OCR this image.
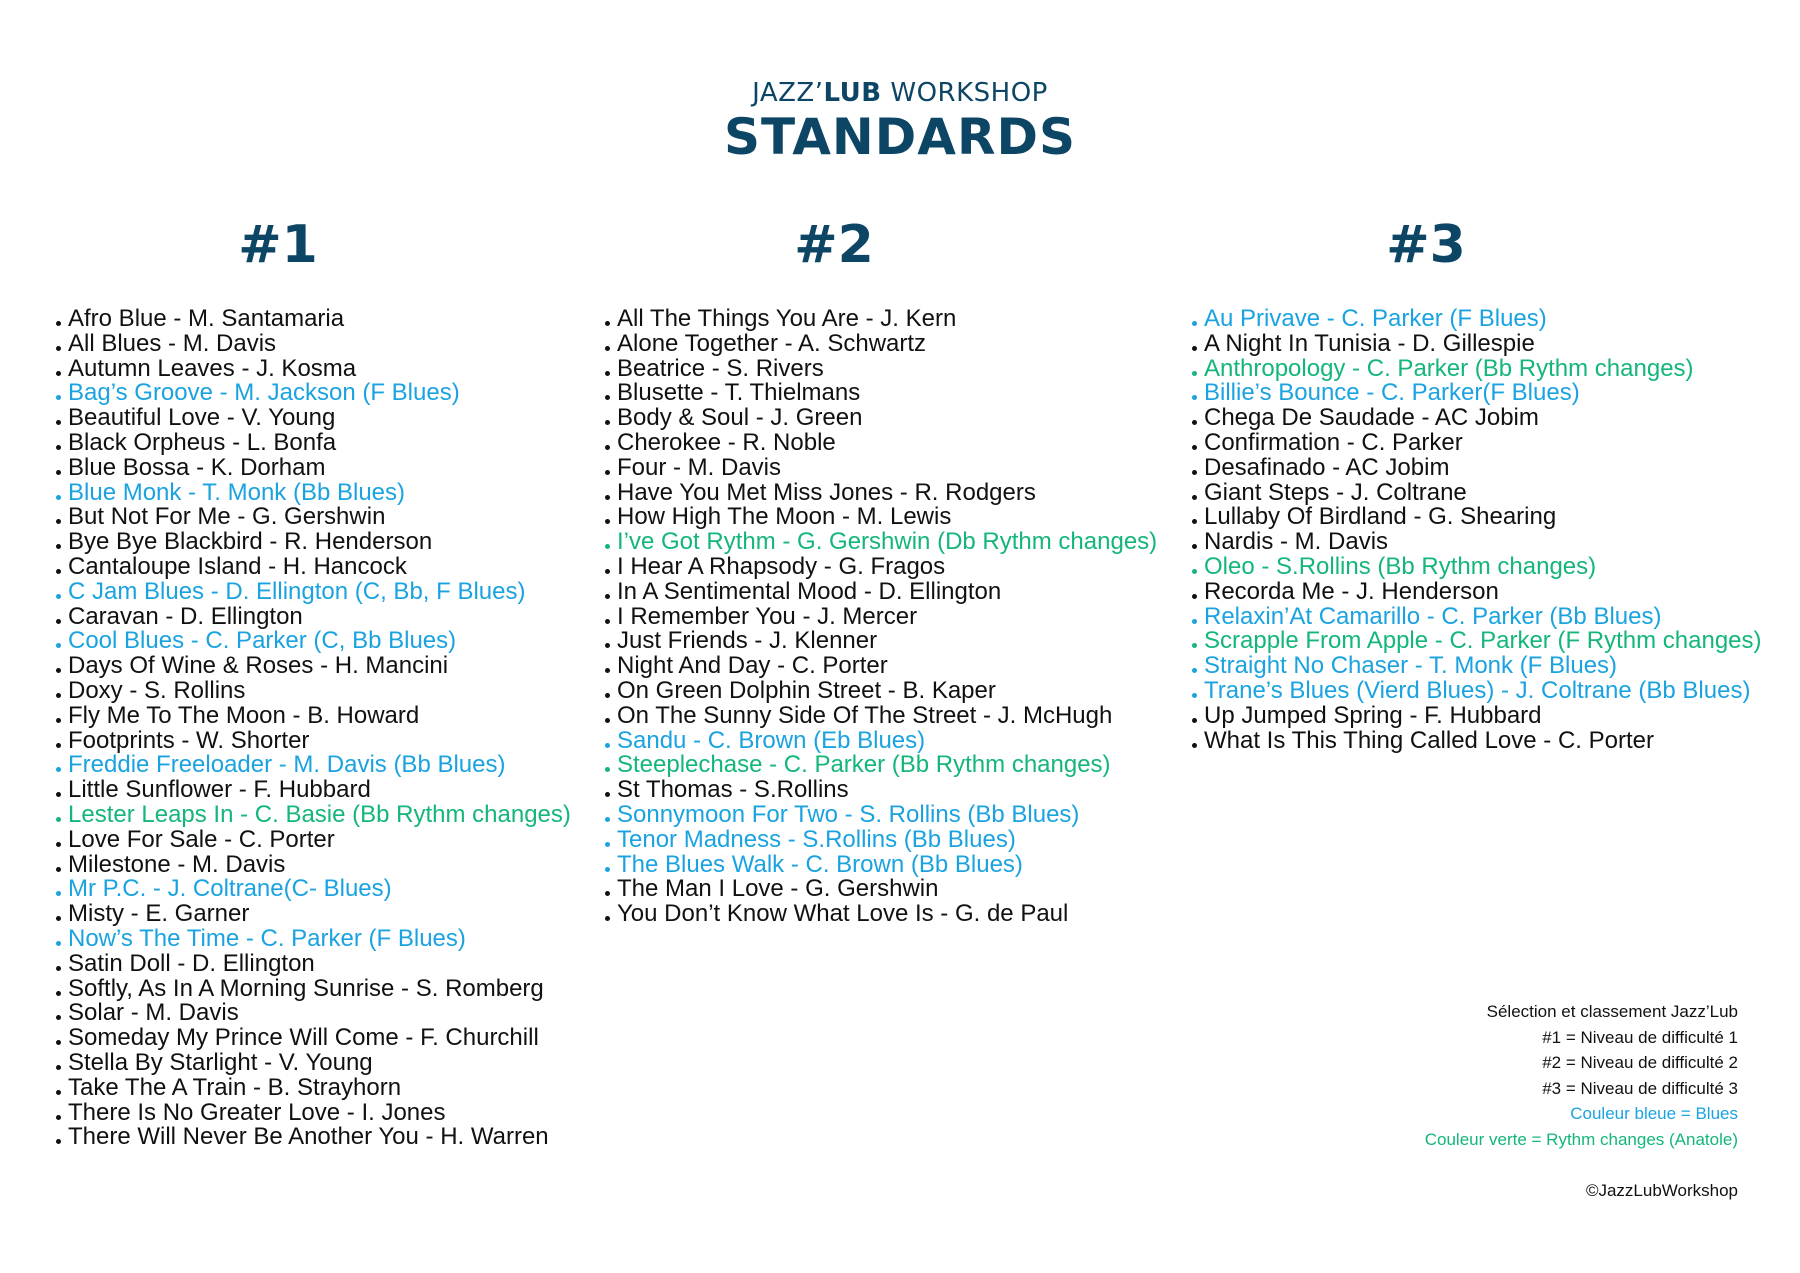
JAZZ’LUB WORKSHOP
STANDARDS
#1	#2	#3
Afro Blue - M. Santamaria
All Blues - M. Davis
Autumn Leaves - J. Kosma
Bag’s Groove - M. Jackson (F Blues)
Beautiful Love - V. Young
Black Orpheus - L. Bonfa
Blue Bossa - K. Dorham
Blue Monk - T. Monk (Bb Blues)
But Not For Me - G. Gershwin
Bye Bye Blackbird - R. Henderson
Cantaloupe Island - H. Hancock
C Jam Blues - D. Ellington (C, Bb, F Blues)
Caravan - D. Ellington
Cool Blues - C. Parker (C, Bb Blues)
Days Of Wine & Roses - H. Mancini
Doxy - S. Rollins
Fly Me To The Moon - B. Howard
Footprints - W. Shorter
Freddie Freeloader - M. Davis (Bb Blues)
Little Sunflower - F. Hubbard
Lester Leaps In - C. Basie (Bb Rythm changes)
Love For Sale - C. Porter
Milestone - M. Davis
Mr P.C. - J. Coltrane(C- Blues)
Misty - E. Garner
Now’s The Time - C. Parker (F Blues)
Satin Doll - D. Ellington
Softly, As In A Morning Sunrise - S. Romberg
Solar - M. Davis
Someday My Prince Will Come - F. Churchill
Stella By Starlight - V. Young
Take The A Train - B. Strayhorn
There Is No Greater Love - I. Jones
There Will Never Be Another You - H. Warren
All The Things You Are - J. Kern
Alone Together - A. Schwartz
Beatrice - S. Rivers
Blusette - T. Thielmans
Body & Soul - J. Green
Cherokee - R. Noble
Four - M. Davis
Have You Met Miss Jones - R. Rodgers
How High The Moon - M. Lewis
I’ve Got Rythm - G. Gershwin (Db Rythm changes)
I Hear A Rhapsody - G. Fragos
In A Sentimental Mood - D. Ellington
I Remember You - J. Mercer
Just Friends - J. Klenner
Night And Day - C. Porter
On Green Dolphin Street - B. Kaper
On The Sunny Side Of The Street - J. McHugh
Sandu - C. Brown (Eb Blues)
Steeplechase - C. Parker (Bb Rythm changes)
St Thomas - S.Rollins
Sonnymoon For Two - S. Rollins (Bb Blues)
Tenor Madness - S.Rollins (Bb Blues)
The Blues Walk - C. Brown (Bb Blues)
The Man I Love - G. Gershwin
You Don’t Know What Love Is - G. de Paul
Au Privave - C. Parker (F Blues)
A Night In Tunisia - D. Gillespie
Anthropology - C. Parker (Bb Rythm changes)
Billie’s Bounce - C. Parker(F Blues)
Chega De Saudade - AC Jobim
Confirmation - C. Parker
Desafinado - AC Jobim
Giant Steps - J. Coltrane
Lullaby Of Birdland - G. Shearing
Nardis - M. Davis
Oleo - S.Rollins (Bb Rythm changes)
Recorda Me - J. Henderson
Relaxin’At Camarillo - C. Parker (Bb Blues)
Scrapple From Apple - C. Parker (F Rythm changes)
Straight No Chaser - T. Monk (F Blues)
Trane’s Blues (Vierd Blues) - J. Coltrane (Bb Blues)
Up Jumped Spring - F. Hubbard
What Is This Thing Called Love - C. Porter
Sélection et classement Jazz’Lub
#1 = Niveau de difficulté 1
#2 = Niveau de difficulté 2
#3 = Niveau de difficulté 3
Couleur bleue = Blues
Couleur verte = Rythm changes (Anatole)
©JazzLubWorkshop
